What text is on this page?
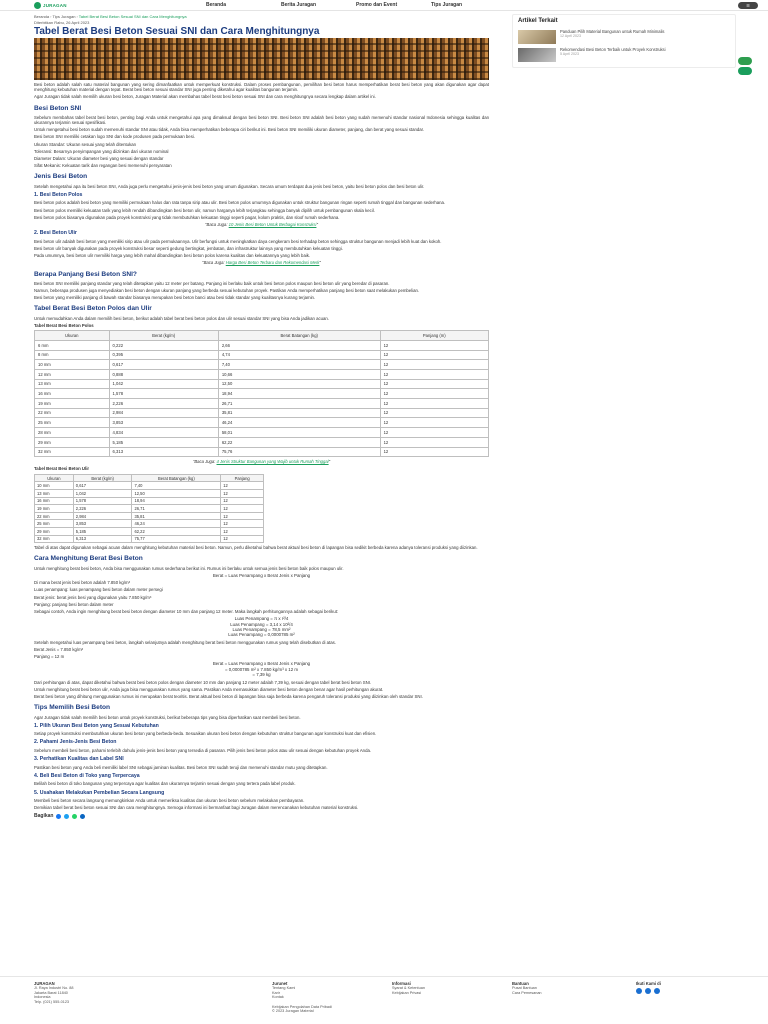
JURAGAN	Beranda	Berita Juragan	Promo dan Event	Tips Juragan	☰
Beranda›Tips Juragan›Tabel Berat Besi Beton Sesuai SNI dan Cara Menghitungnya
Diterbitkan Rabu, 26 April 2023
Tabel Berat Besi Beton Sesuai SNI dan Cara Menghitungnya
Besi beton adalah salah satu material bangunan yang sering dimanfaatkan untuk memperkuat konstruksi. Dalam proses pembangunan, pemilihan besi beton harus memperhatikan berat besi beton yang akan digunakan agar dapat menghitung kebutuhan material dengan tepat. Berat besi beton sesuai standar SNI juga penting diketahui agar kualitas bangunan terjamin.
Agar Juragan tidak salah memilih ukuran besi beton, Juragan Material akan membahas tabel berat besi beton sesuai SNI dan cara menghitungnya secara lengkap dalam artikel ini.
Besi Beton SNI
Sebelum membahas tabel berat besi beton, penting bagi Anda untuk mengetahui apa yang dimaksud dengan besi beton SNI. Besi beton SNI adalah besi beton yang sudah memenuhi standar nasional Indonesia sehingga kualitas dan ukurannya terjamin sesuai spesifikasi.
Untuk mengetahui besi beton sudah memenuhi standar SNI atau tidak, Anda bisa memperhatikan beberapa ciri berikut ini. Besi beton SNI memiliki ukuran diameter, panjang, dan berat yang sesuai standar.
Besi beton SNI memiliki cetakan logo SNI dan kode produsen pada permukaan besi.
Ukuran Standar: Ukuran sesuai yang telah ditentukan
Toleransi: Besarnya penyimpangan yang diizinkan dari ukuran nominal
Diameter Dalam: Ukuran diameter besi yang sesuai dengan standar
Sifat Mekanis: Kekuatan tarik dan regangan besi memenuhi persyaratan
Jenis Besi Beton
Setelah mengetahui apa itu besi beton SNI, Anda juga perlu mengetahui jenis-jenis besi beton yang umum digunakan. Secara umum terdapat dua jenis besi beton, yaitu besi beton polos dan besi beton ulir.
1. Besi Beton Polos
Besi beton polos adalah besi beton yang memiliki permukaan halus dan rata tanpa sirip atau ulir. Besi beton polos umumnya digunakan untuk struktur bangunan ringan seperti rumah tinggal dan bangunan sederhana.
Besi beton polos memiliki kekuatan tarik yang lebih rendah dibandingkan besi beton ulir, namun harganya lebih terjangkau sehingga banyak dipilih untuk pembangunan skala kecil.
Besi beton polos biasanya digunakan pada proyek konstruksi yang tidak membutuhkan kekuatan tinggi seperti pagar, kolom praktis, dan sloof rumah sederhana.
"Baca Juga: 10 Jenis Besi Beton Untuk Berbagai Konstruksi"
2. Besi Beton Ulir
Besi beton ulir adalah besi beton yang memiliki sirip atau ulir pada permukaannya. Ulir berfungsi untuk meningkatkan daya cengkeram besi terhadap beton sehingga struktur bangunan menjadi lebih kuat dan kokoh.
Besi beton ulir banyak digunakan pada proyek konstruksi besar seperti gedung bertingkat, jembatan, dan infrastruktur lainnya yang membutuhkan kekuatan tinggi.
Pada umumnya, besi beton ulir memiliki harga yang lebih mahal dibandingkan besi beton polos karena kualitas dan kekuatannya yang lebih baik.
"Baca Juga: Harga Besi Beton Terbaru dan Rekomendasi Merk"
Berapa Panjang Besi Beton SNI?
Besi beton SNI memiliki panjang standar yang telah ditetapkan yaitu 12 meter per batang. Panjang ini berlaku baik untuk besi beton polos maupun besi beton ulir yang beredar di pasaran.
Namun, beberapa produsen juga menyediakan besi beton dengan ukuran panjang yang berbeda sesuai kebutuhan proyek. Pastikan Anda memperhatikan panjang besi beton saat melakukan pembelian.
Besi beton yang memiliki panjang di bawah standar biasanya merupakan besi beton banci atau besi tidak standar yang kualitasnya kurang terjamin.
Tabel Berat Besi Beton Polos dan Ulir
Untuk memudahkan Anda dalam memilih besi beton, berikut adalah tabel berat besi beton polos dan ulir sesuai standar SNI yang bisa Anda jadikan acuan.
Tabel Berat Besi Beton Polos
Ukuran	Berat (kg/m)	Berat Batangan (kg)	Panjang (m)
6 mm	0,222	2,66	12
8 mm	0,395	4,74	12
10 mm	0,617	7,40	12
12 mm	0,888	10,66	12
13 mm	1,042	12,50	12
16 mm	1,578	18,94	12
19 mm	2,226	26,71	12
22 mm	2,984	35,81	12
25 mm	3,853	46,24	12
28 mm	4,834	58,01	12
29 mm	5,185	62,22	12
32 mm	6,313	75,76	12
"Baca Juga: 4 Jenis Struktur Bangunan yang Wajib untuk Rumah Tinggal"
Tabel Berat Besi Beton Ulir
Ukuran	Berat (kg/m)	Berat Batangan (kg)	Panjang
10 mm	0,617	7,40	12
13 mm	1,042	12,50	12
16 mm	1,578	18,94	12
19 mm	2,226	26,71	12
22 mm	2,984	35,81	12
25 mm	3,853	46,24	12
29 mm	5,185	62,22	12
32 mm	6,313	75,77	12
Tabel di atas dapat digunakan sebagai acuan dalam menghitung kebutuhan material besi beton. Namun, perlu diketahui bahwa berat aktual besi beton di lapangan bisa sedikit berbeda karena adanya toleransi produksi yang diizinkan.
Cara Menghitung Berat Besi Beton
Untuk menghitung berat besi beton, Anda bisa menggunakan rumus sederhana berikut ini. Rumus ini berlaku untuk semua jenis besi beton baik polos maupun ulir.
Berat = Luas Penampang x Berat Jenis x Panjang
Di mana berat jenis besi beton adalah 7.850 kg/m³
Luas penampang: luas penampang besi beton dalam meter persegi
Berat jenis: berat jenis besi yang digunakan yaitu 7.850 kg/m³
Panjang: panjang besi beton dalam meter
Sebagai contoh, Anda ingin menghitung berat besi beton dengan diameter 10 mm dan panjang 12 meter. Maka langkah perhitungannya adalah sebagai berikut:
Luas Penampang = π x r²/4
Luas Penampang = 3,14 x 10²/4
Luas Penampang = 78,5 mm²
Luas Penampang = 0,0000785 m²
Setelah mengetahui luas penampang besi beton, langkah selanjutnya adalah menghitung berat besi beton menggunakan rumus yang telah disebutkan di atas.
Berat Jenis = 7.850 kg/m³
Panjang = 12 m
Berat = Luas Penampang x Berat Jenis x Panjang
= 0,0000785 m² x 7.850 kg/m³ x 12 m
= 7,39 kg
Dari perhitungan di atas, dapat diketahui bahwa berat besi beton polos dengan diameter 10 mm dan panjang 12 meter adalah 7,39 kg, sesuai dengan tabel berat besi beton SNI.
Untuk menghitung berat besi beton ulir, Anda juga bisa menggunakan rumus yang sama. Pastikan Anda memasukkan diameter besi beton dengan benar agar hasil perhitungan akurat.
Berat besi beton yang dihitung menggunakan rumus ini merupakan berat teoritis. Berat aktual besi beton di lapangan bisa saja berbeda karena pengaruh toleransi produksi yang diizinkan oleh standar SNI.
Tips Memilih Besi Beton
Agar Juragan tidak salah memilih besi beton untuk proyek konstruksi, berikut beberapa tips yang bisa diperhatikan saat membeli besi beton.
1. Pilih Ukuran Besi Beton yang Sesuai Kebutuhan
Setiap proyek konstruksi membutuhkan ukuran besi beton yang berbeda-beda. Sesuaikan ukuran besi beton dengan kebutuhan struktur bangunan agar konstruksi kuat dan efisien.
2. Pahami Jenis-Jenis Besi Beton
Sebelum membeli besi beton, pahami terlebih dahulu jenis-jenis besi beton yang tersedia di pasaran. Pilih jenis besi beton polos atau ulir sesuai dengan kebutuhan proyek Anda.
3. Perhatikan Kualitas dan Label SNI
Pastikan besi beton yang Anda beli memiliki label SNI sebagai jaminan kualitas. Besi beton SNI sudah teruji dan memenuhi standar mutu yang ditetapkan.
4. Beli Besi Beton di Toko yang Terpercaya
Belilah besi beton di toko bangunan yang terpercaya agar kualitas dan ukurannya terjamin sesuai dengan yang tertera pada label produk.
5. Usahakan Melakukan Pembelian Secara Langsung
Membeli besi beton secara langsung memungkinkan Anda untuk memeriksa kualitas dan ukuran besi beton sebelum melakukan pembayaran.
Demikian tabel berat besi beton sesuai SNI dan cara menghitungnya. Semoga informasi ini bermanfaat bagi Juragan dalam merencanakan kebutuhan material konstruksi.
Bagikan
Artikel Terkait
Panduan Pilih Material Bangunan untuk Rumah Minimalis
12 April 2023
Rekomendasi Besi Beton Terbaik untuk Proyek Konstruksi
5 April 2023
JURAGAN
Jl. Raya Industri No. 88
Jakarta Barat 11840
Indonesia
Telp. (021) 555-0123
Jurunet
Tentang Kami
Karir
Kontak
Informasi
Syarat & Ketentuan
Kebijakan Privasi
Bantuan
Pusat Bantuan
Cara Pemesanan
Ikuti Kami di
Kebijakan Pengolahan Data Pribadi
© 2023 Juragan Material
